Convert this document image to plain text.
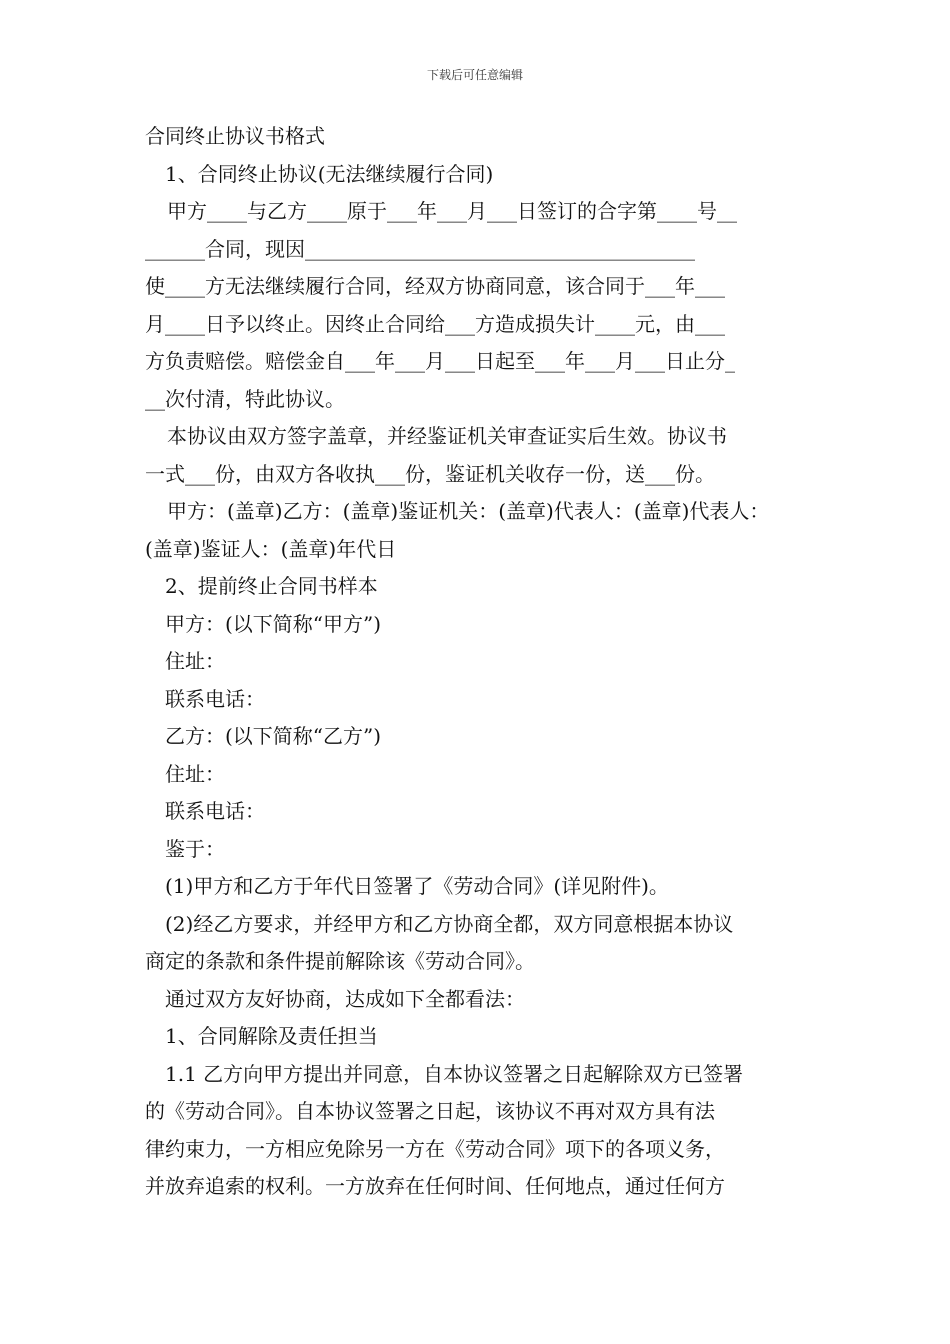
下载后可任意编辑
合同终止协议书格式
1、合同终止协议(无法继续履行合同)
甲方____与乙方____原于___年___月___日签订的合字第____号__
______合同，现因_______________________________________
使____方无法继续履行合同，经双方协商同意，该合同于___年___
月____日予以终止。因终止合同给___方造成损失计____元，由___
方负责赔偿。赔偿金自___年___月___日起至___年___月___日止分_
__次付清，特此协议。
本协议由双方签字盖章，并经鉴证机关审查证实后生效。协议书
一式___份，由双方各收执___份，鉴证机关收存一份，送___份。
甲方：(盖章)乙方：(盖章)鉴证机关：(盖章)代表人：(盖章)代表人：
(盖章)鉴证人：(盖章)年代日
2、提前终止合同书样本
甲方：(以下简称“甲方”)
住址：
联系电话：
乙方：(以下简称“乙方”)
住址：
联系电话：
鉴于：
(1)甲方和乙方于年代日签署了《劳动合同》(详见附件)。
(2)经乙方要求，并经甲方和乙方协商全都，双方同意根据本协议
商定的条款和条件提前解除该《劳动合同》。
通过双方友好协商，达成如下全都看法：
1、合同解除及责任担当
1.1 乙方向甲方提出并同意，自本协议签署之日起解除双方已签署
的《劳动合同》。自本协议签署之日起，该协议不再对双方具有法
律约束力，一方相应免除另一方在《劳动合同》项下的各项义务，
并放弃追索的权利。一方放弃在任何时间、任何地点，通过任何方
